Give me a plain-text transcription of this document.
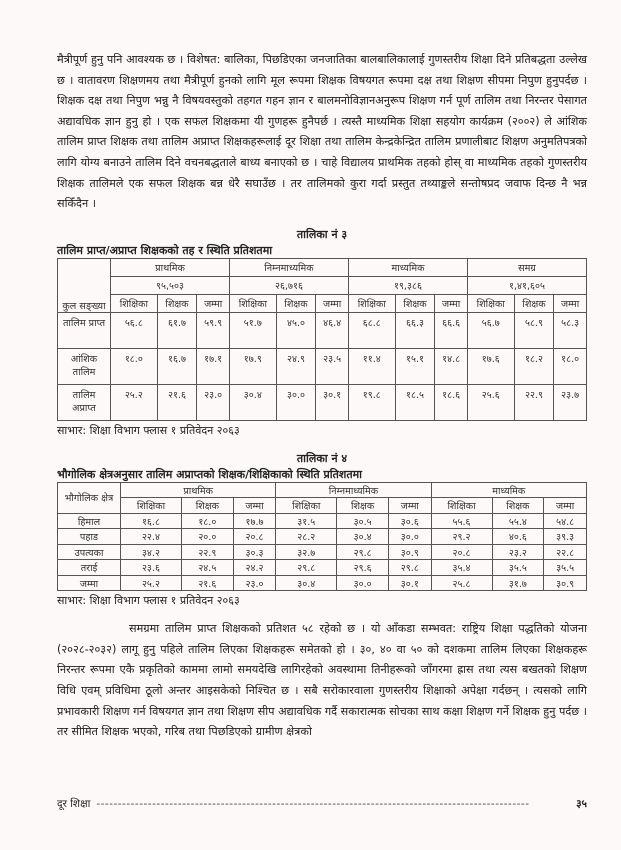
मैत्रीपूर्ण हुनु पनि आवश्यक छ । विशेषत: बालिका, पिछडिएका जनजातिका बालबालिकालाई गुणस्तरीय शिक्षा दिने प्रतिबद्धता उल्लेख छ । वातावरण शिक्षणमय तथा मैत्रीपूर्ण हुनको लागि मूल रूपमा शिक्षक विषयगत रूपमा दक्ष तथा शिक्षण सीपमा निपुण हुनुपर्दछ । शिक्षक दक्ष तथा निपुण भन्नु नै विषयवस्तुको तहगत गहन ज्ञान र बालमनोविज्ञानअनुरूप शिक्षण गर्न पूर्ण तालिम तथा निरन्तर पेसागत अद्यावधिक ज्ञान हुनु हो । एक सफल शिक्षकमा यी गुणहरू हुनैपर्छ । त्यस्तै माध्यमिक शिक्षा सहयोग कार्यक्रम (२००२) ले आंशिक तालिम प्राप्त शिक्षक तथा तालिम अप्राप्त शिक्षकहरूलाई दूर शिक्षा तथा तालिम केन्द्रकेन्द्रित तालिम प्रणालीबाट शिक्षण अनुमतिपत्रको लागि योग्य बनाउने तालिम दिने वचनबद्धताले बाध्य बनाएको छ । चाहे विद्यालय प्राथमिक तहको होस् वा माध्यमिक तहको गुणस्तरीय शिक्षक तालिमले एक सफल शिक्षक बन्न धेरै सघाउँछ । तर तालिमको कुरा गर्दा प्रस्तुत तथ्याङ्कले सन्तोषप्रद जवाफ दिन्छ नै भन्न सकिँदैन ।

तालिका नं ३

तालिम प्राप्त/अप्राप्त शिक्षकको तह र स्थिति प्रतिशतमा

कुल सङ्ख्या	प्राथमिक			निम्नमाध्यमिक			माध्यमिक			समग्र		
	९५,५०३			२६,७१६			१९,३८६			१,४१,६०५		
	शिक्षिका	शिक्षक	जम्मा	शिक्षिका	शिक्षक	जम्मा	शिक्षिका	शिक्षक	जम्मा	शिक्षिका	शिक्षक	जम्मा
तालिम प्राप्त	५६.८	६१.७	५९.९	५१.७	४५.०	४६.४	६८.८	६६.३	६६.६	५६.७	५८.९	५८.३
आंशिक तालिम	१८.०	१६.७	१७.१	१७.९	२४.९	२३.५	११.४	१५.१	१४.८	१७.६	१८.२	१८.०
तालिम अप्राप्त	२५.२	२१.६	२३.०	३०.४	३०.०	३०.१	१९.८	१८.५	१८.६	२५.६	२२.९	२३.७

साभार: शिक्षा विभाग फ्लास १ प्रतिवेदन २०६३

तालिका नं ४

भौगोलिक क्षेत्रअनुसार तालिम अप्राप्तको शिक्षक/शिक्षिकाको स्थिति प्रतिशतमा

भौगोलिक क्षेत्र	प्राथमिक			निम्नमाध्यमिक			माध्यमिक		
	शिक्षिका	शिक्षक	जम्मा	शिक्षिका	शिक्षक	जम्मा	शिक्षिका	शिक्षक	जम्मा
हिमाल	१६.८	१८.०	१७.७	३१.५	३०.५	३०.६	५५.६	५५.४	५४.८
पहाड	२२.४	२०.०	२०.८	२८.२	३०.४	३०.०	२९.२	४०.६	३९.३
उपत्यका	३४.२	२२.९	३०.३	३२.७	२९.८	३०.९	२०.८	२३.२	२२.८
तराई	२३.६	२४.५	२४.२	२९.८	२९.६	२९.८	३५.४	३५.५	३५.५
जम्मा	२५.२	२१.६	२३.०	३०.४	३०.०	३०.१	२५.८	३१.७	३०.९

साभार: शिक्षा विभाग फ्लास १ प्रतिवेदन २०६३

समग्रमा तालिम प्राप्त शिक्षकको प्रतिशत ५८ रहेको छ । यो आँकडा सम्भवत: राष्ट्रिय शिक्षा पद्धतिको योजना (२०२८-२०३२) लागू हुनु पहिले तालिम लिएका शिक्षकहरू समेतको हो । ३०, ४० वा ५० को दशकमा तालिम लिएका शिक्षकहरू निरन्तर रूपमा एकै प्रकृतिको काममा लामो समयदेखि लागिरहेको अवस्थामा तिनीहरूको जाँगरमा ह्रास तथा त्यस बखतको शिक्षण विधि एवम् प्रविधिमा ठूलो अन्तर आइसकेको निश्चित छ । सबै सरोकारवाला गुणस्तरीय शिक्षाको अपेक्षा गर्दछन् । त्यसको लागि प्रभावकारी शिक्षण गर्न विषयगत ज्ञान तथा शिक्षण सीप अद्यावधिक गर्दै सकारात्मक सोचका साथ कक्षा शिक्षण गर्ने शिक्षक हुनु पर्दछ । तर सीमित शिक्षक भएको, गरिब तथा पिछडिएको ग्रामीण क्षेत्रको

दूर शिक्षा -----------------------------------------------------------------------------------------------------	३५
